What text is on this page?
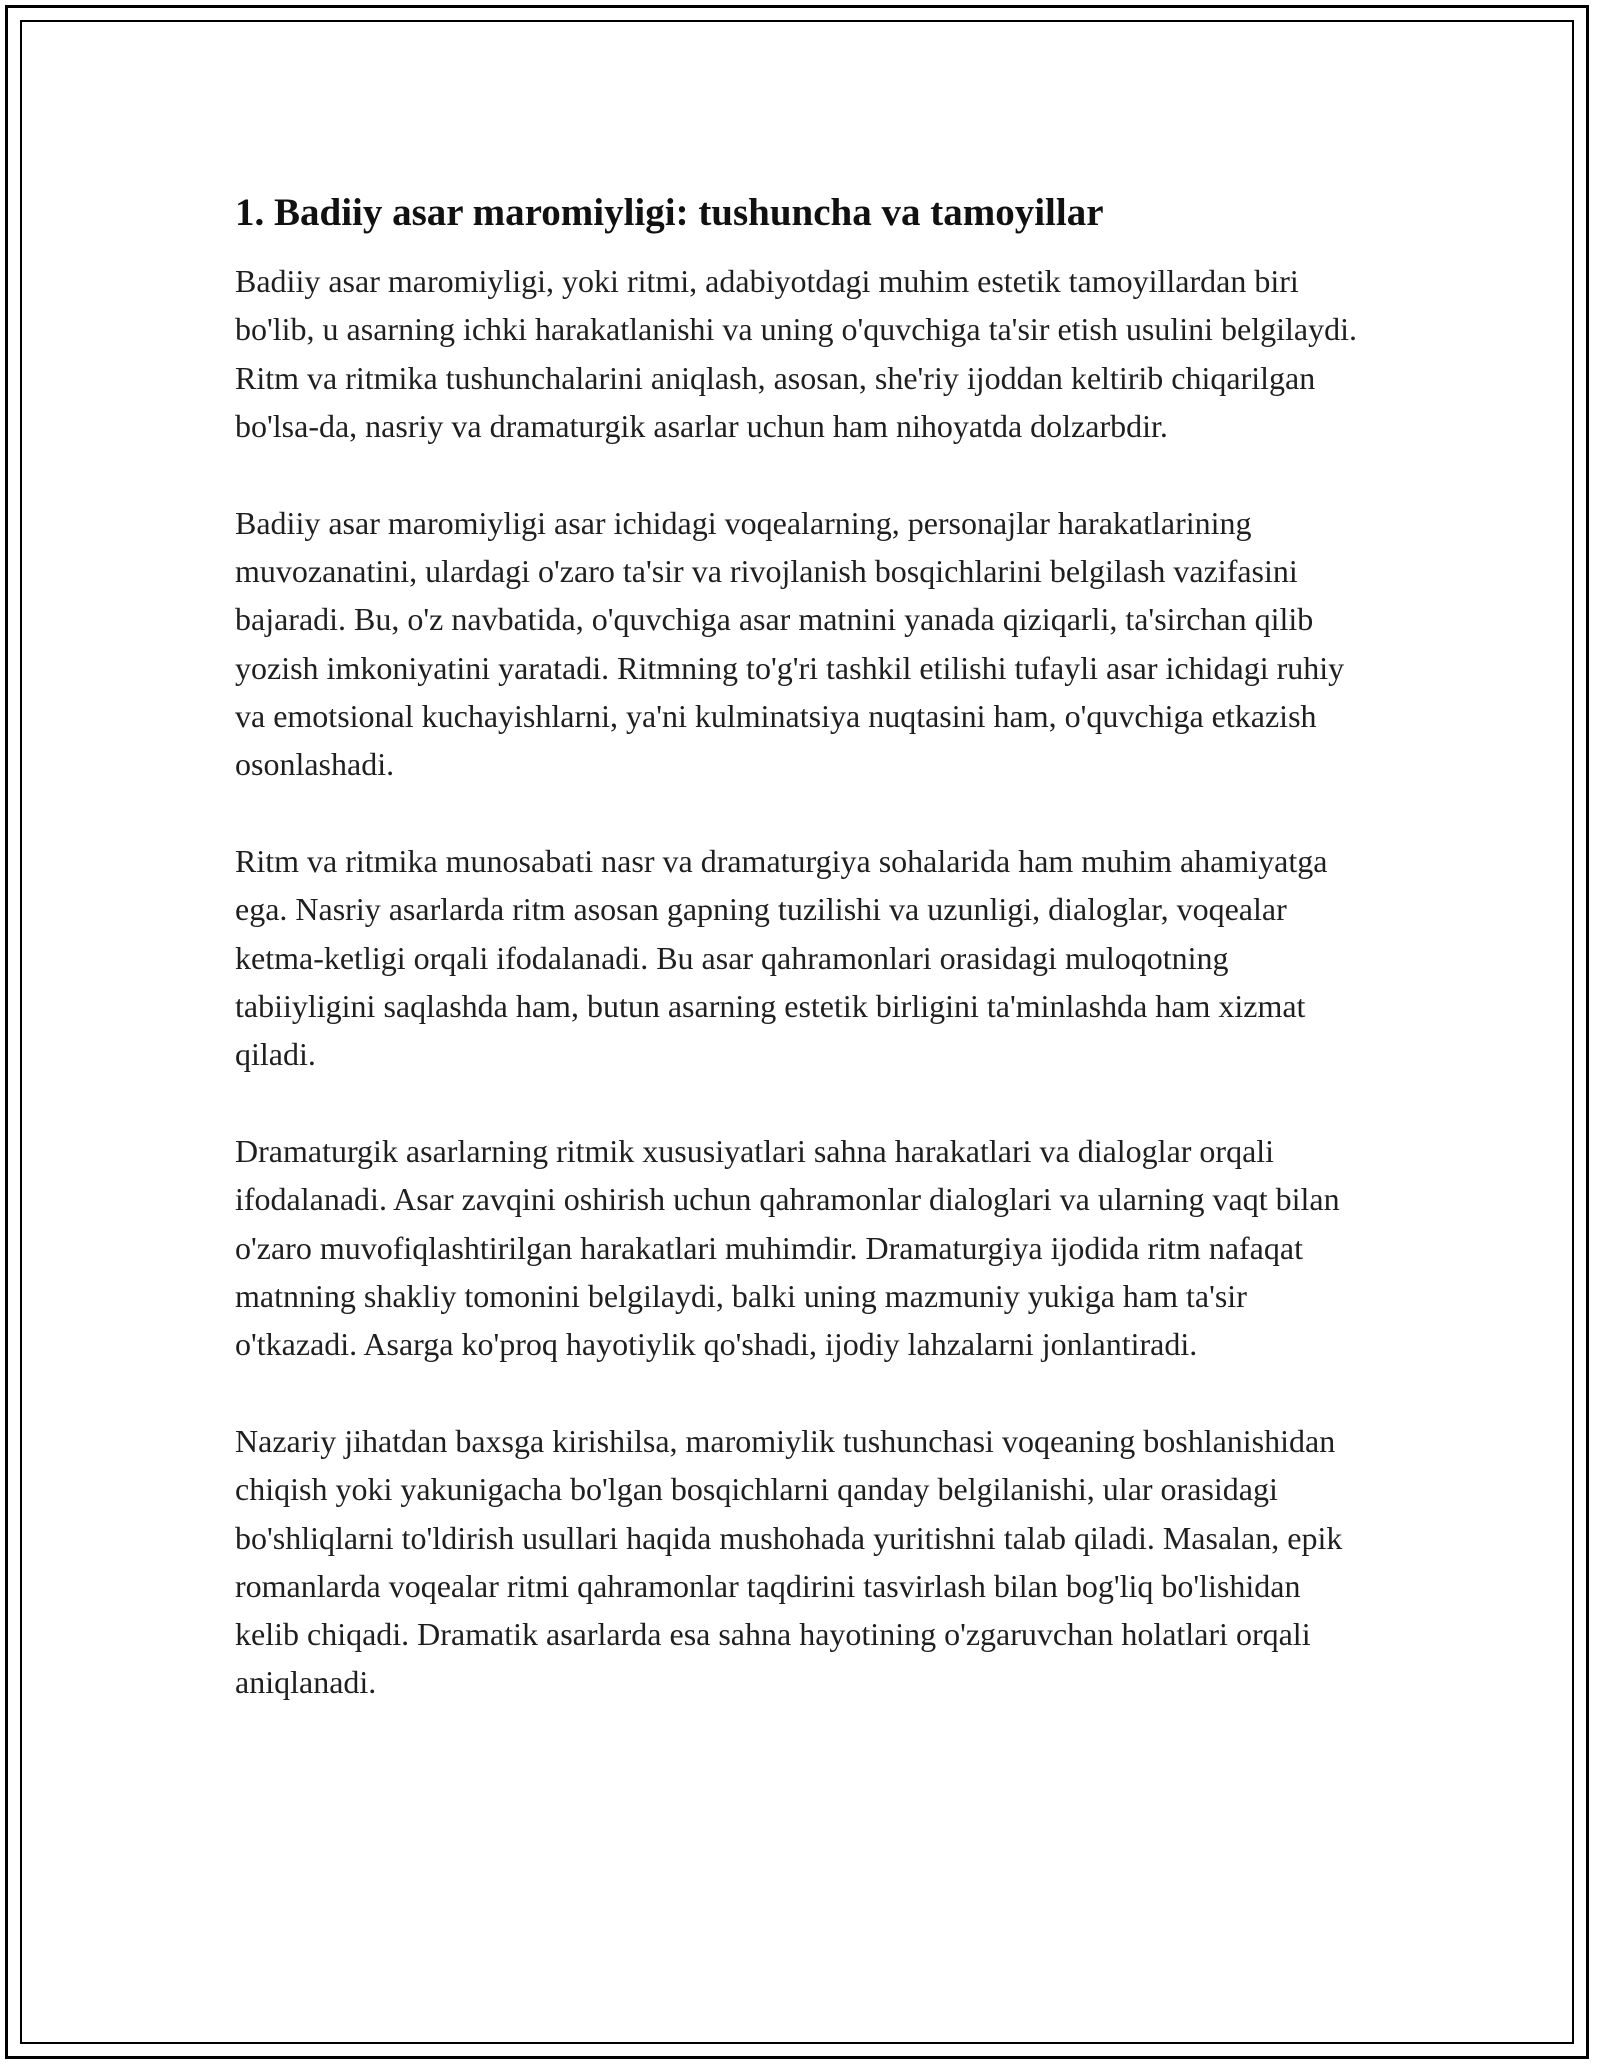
1. Badiiy asar maromiyligi: tushuncha va tamoyillar

Badiiy asar maromiyligi, yoki ritmi, adabiyotdagi muhim estetik tamoyillardan biri bo'lib, u asarning ichki harakatlanishi va uning o'quvchiga ta'sir etish usulini belgilaydi. Ritm va ritmika tushunchalarini aniqlash, asosan, she'riy ijoddan keltirib chiqarilgan bo'lsa-da, nasriy va dramaturgik asarlar uchun ham nihoyatda dolzarbdir.

Badiiy asar maromiyligi asar ichidagi voqealarning, personajlar harakatlarining muvozanatini, ulardagi o'zaro ta'sir va rivojlanish bosqichlarini belgilash vazifasini bajaradi. Bu, o'z navbatida, o'quvchiga asar matnini yanada qiziqarli, ta'sirchan qilib yozish imkoniyatini yaratadi. Ritmning to'g'ri tashkil etilishi tufayli asar ichidagi ruhiy va emotsional kuchayishlarni, ya'ni kulminatsiya nuqtasini ham, o'quvchiga etkazish osonlashadi.

Ritm va ritmika munosabati nasr va dramaturgiya sohalarida ham muhim ahamiyatga ega. Nasriy asarlarda ritm asosan gapning tuzilishi va uzunligi, dialoglar, voqealar ketma-ketligi orqali ifodalanadi. Bu asar qahramonlari orasidagi muloqotning tabiiyligini saqlashda ham, butun asarning estetik birligini ta'minlashda ham xizmat qiladi.

Dramaturgik asarlarning ritmik xususiyatlari sahna harakatlari va dialoglar orqali ifodalanadi. Asar zavqini oshirish uchun qahramonlar dialoglari va ularning vaqt bilan o'zaro muvofiqlashtirilgan harakatlari muhimdir. Dramaturgiya ijodida ritm nafaqat matnning shakliy tomonini belgilaydi, balki uning mazmuniy yukiga ham ta'sir o'tkazadi. Asarga ko'proq hayotiylik qo'shadi, ijodiy lahzalarni jonlantiradi.

Nazariy jihatdan baxsga kirishilsa, maromiylik tushunchasi voqeaning boshlanishidan chiqish yoki yakunigacha bo'lgan bosqichlarni qanday belgilanishi, ular orasidagi bo'shliqlarni to'ldirish usullari haqida mushohada yuritishni talab qiladi. Masalan, epik romanlarda voqealar ritmi qahramonlar taqdirini tasvirlash bilan bog'liq bo'lishidan kelib chiqadi. Dramatik asarlarda esa sahna hayotining o'zgaruvchan holatlari orqali aniqlanadi.
